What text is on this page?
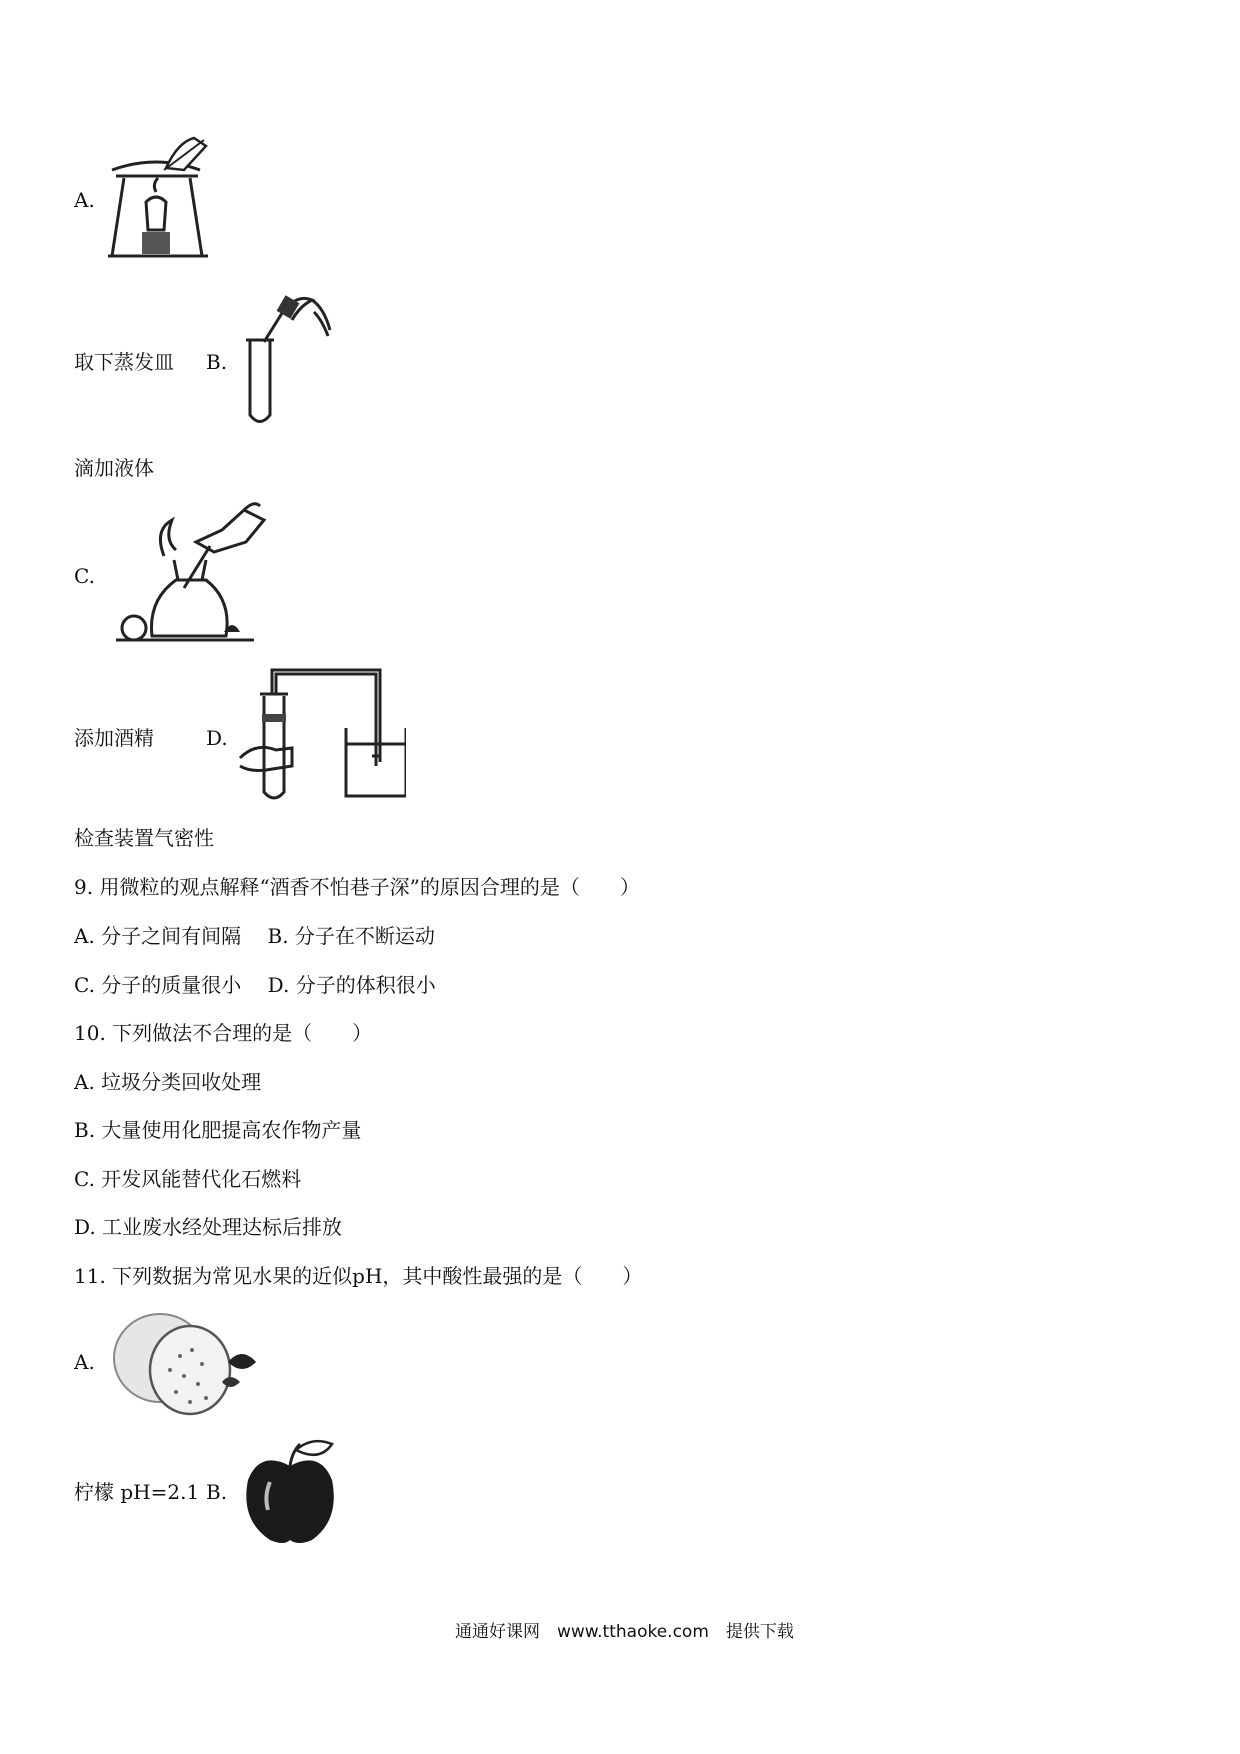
A.
取下蒸发皿 B.
滴加液体
C.
添加酒精	D.
检查装置气密性
9. 用微粒的观点解释“酒香不怕巷子深”的原因合理的是（　　）
A. 分子之间有间隔　 B. 分子在不断运动
C. 分子的质量很小　 D. 分子的体积很小
10. 下列做法不合理的是（　　）
A. 垃圾分类回收处理
B. 大量使用化肥提高农作物产量
C. 开发风能替代化石燃料
D. 工业废水经处理达标后排放
11. 下列数据为常见水果的近似pH，其中酸性最强的是（　　）
A.
柠檬 pH=2.1 B.
通通好课网　www.tthaoke.com　提供下载
